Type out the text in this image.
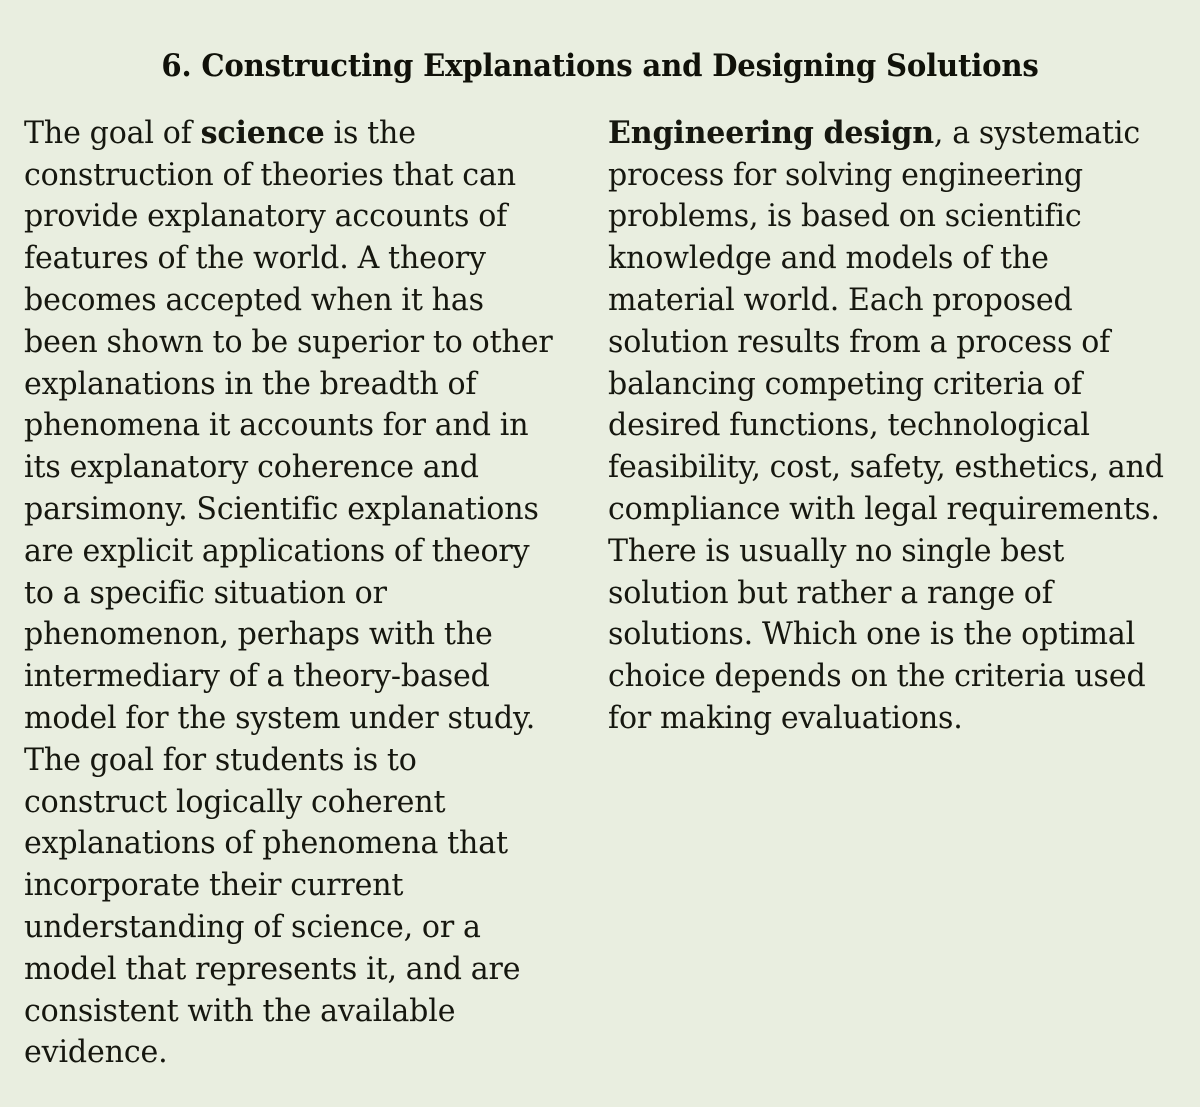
6. Constructing Explanations and Designing Solutions

The goal of science is the construction of theories that can provide explanatory accounts of features of the world. A theory becomes accepted when it has been shown to be superior to other explanations in the breadth of phenomena it accounts for and in its explanatory coherence and parsimony. Scientific explanations are explicit applications of theory to a specific situation or phenomenon, perhaps with the intermediary of a theory-based model for the system under study. The goal for students is to construct logically coherent explanations of phenomena that incorporate their current understanding of science, or a model that represents it, and are consistent with the available evidence.

Engineering design, a systematic process for solving engineering problems, is based on scientific knowledge and models of the material world. Each proposed solution results from a process of balancing competing criteria of desired functions, technological feasibility, cost, safety, esthetics, and compliance with legal requirements. There is usually no single best solution but rather a range of solutions. Which one is the optimal choice depends on the criteria used for making evaluations.
